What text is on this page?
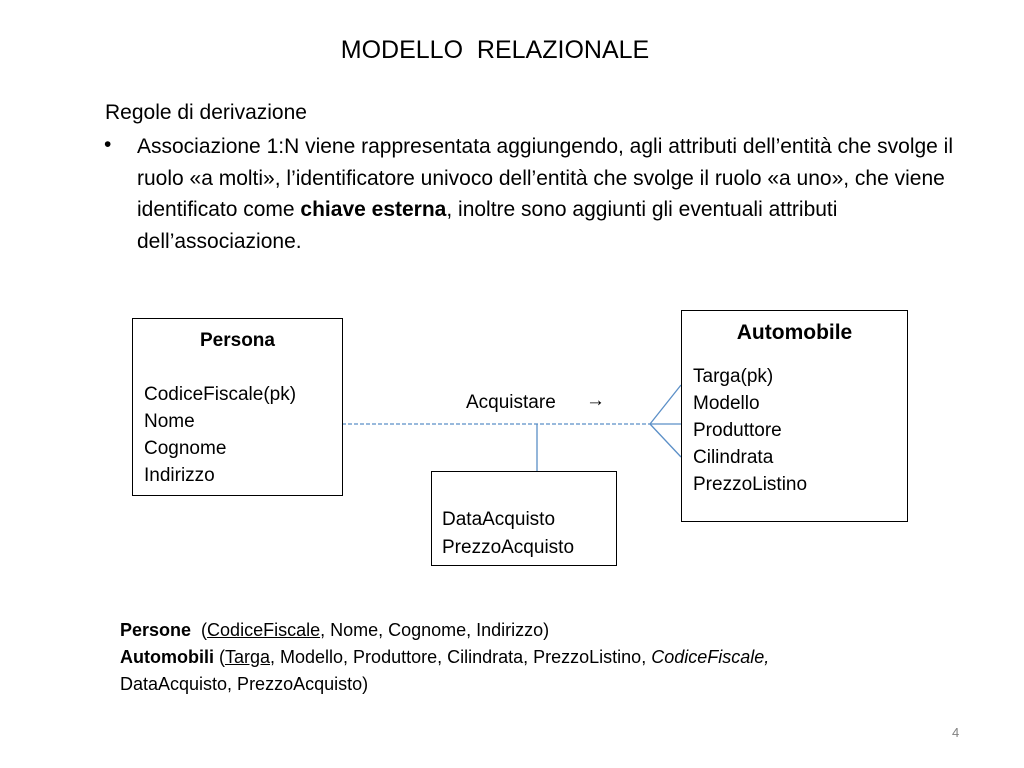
MODELLO  RELAZIONALE
Regole di derivazione
• Associazione 1:N viene rappresentata aggiungendo, agli attributi dell’entità che svolge il ruolo «a molti», l’identificatore univoco dell’entità che svolge il ruolo «a uno», che viene identificato come chiave esterna, inoltre sono aggiunti gli eventuali attributi dell’associazione.
Persona
CodiceFiscale(pk)
Nome
Cognome
Indirizzo
Automobile
Targa(pk)
Modello
Produttore
Cilindrata
PrezzoListino
Acquistare →
DataAcquisto
PrezzoAcquisto
Persone  (CodiceFiscale, Nome, Cognome, Indirizzo)
Automobili (Targa, Modello, Produttore, Cilindrata, PrezzoListino, CodiceFiscale,
DataAcquisto, PrezzoAcquisto)
4
